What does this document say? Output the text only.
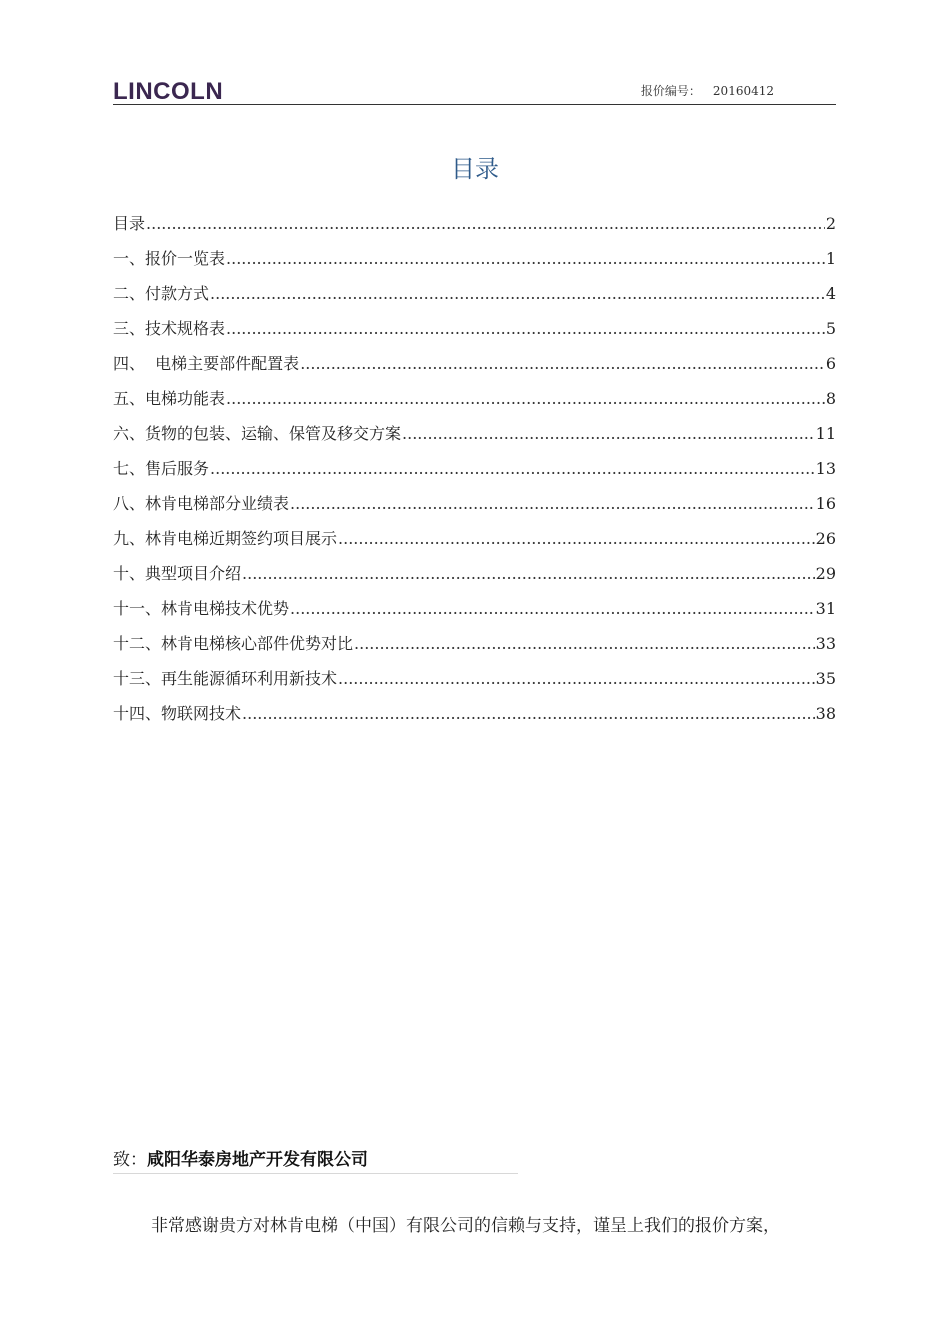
LINCOLN	报价编号： 20160412
目录
目录 .....	2
一、报价一览表 .....	1
二、付款方式 .....	4
三、技术规格表 .....	5
四、  电梯主要部件配置表 .....	6
五、电梯功能表 .....	8
六、货物的包装、运输、保管及移交方案 .....	11
七、售后服务 .....	13
八、林肯电梯部分业绩表 .....	16
九、林肯电梯近期签约项目展示 .....	26
十、典型项目介绍 .....	29
十一、林肯电梯技术优势 .....	31
十二、林肯电梯核心部件优势对比 .....	33
十三、再生能源循环利用新技术 .....	35
十四、物联网技术 .....	38
致：咸阳华泰房地产开发有限公司
非常感谢贵方对林肯电梯（中国）有限公司的信赖与支持，谨呈上我们的报价方案，
